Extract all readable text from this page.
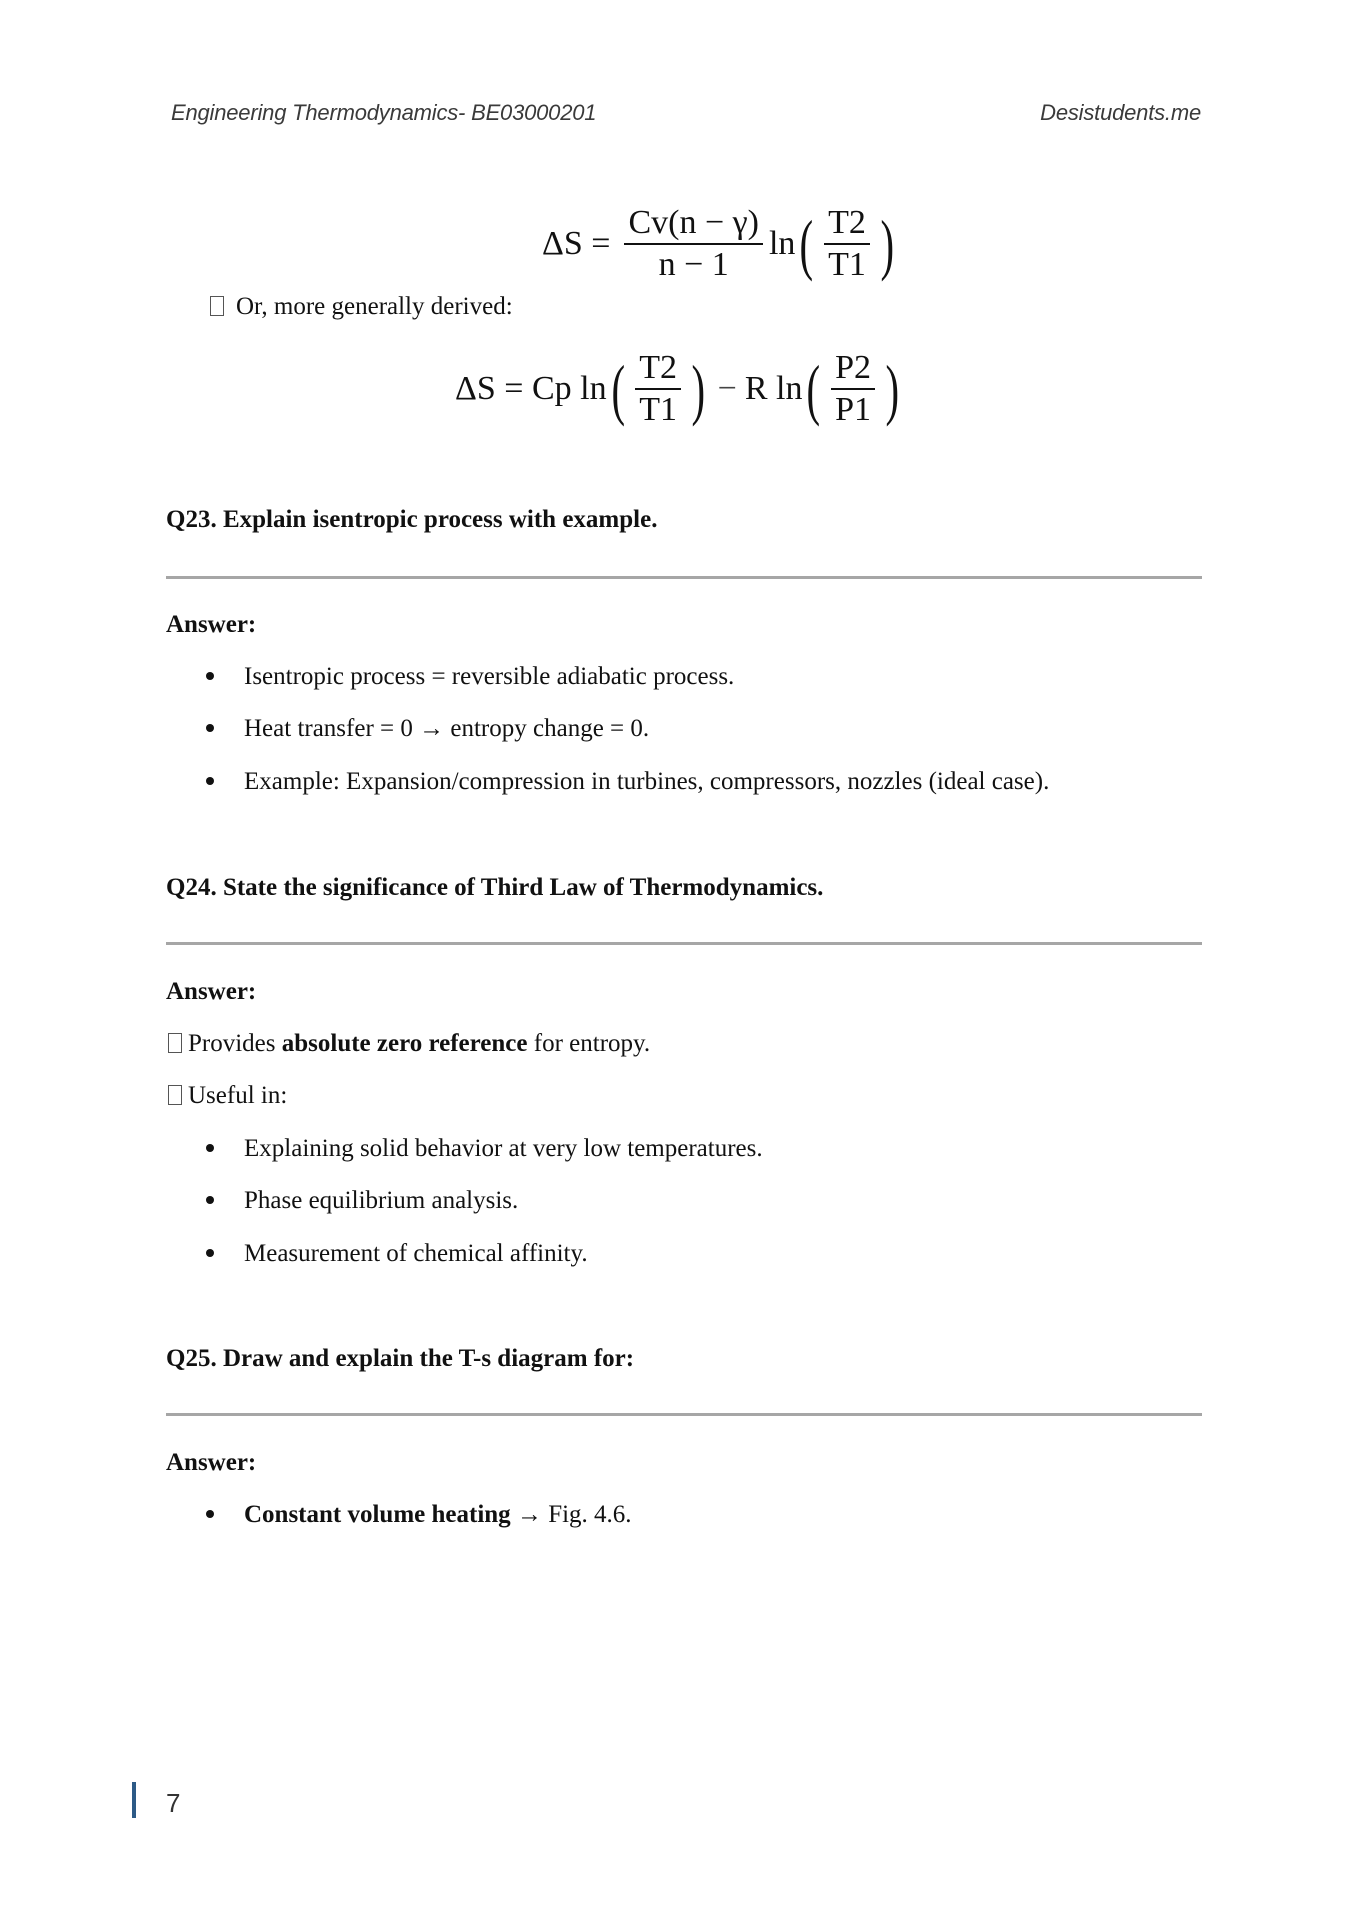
Engineering Thermodynamics- BE03000201	Desistudents.me
$\Delta S = \frac{Cv(n - \gamma)}{n - 1}$ ln ( $\frac{T2}{T1}$ )
Or, more generally derived:
ΔS = Cp ln ( $\frac{T2}{T1}$ ) − R ln ( $\frac{P2}{P1}$ )
Q23. Explain isentropic process with example.
Answer:
Isentropic process = reversible adiabatic process.
Heat transfer = 0 → entropy change = 0.
Example: Expansion/compression in turbines, compressors, nozzles (ideal case).
Q24. State the significance of Third Law of Thermodynamics.
Answer:
Provides absolute zero reference for entropy.
Useful in:
Explaining solid behavior at very low temperatures.
Phase equilibrium analysis.
Measurement of chemical affinity.
Q25. Draw and explain the T-s diagram for:
Answer:
Constant volume heating → Fig. 4.6.
7
